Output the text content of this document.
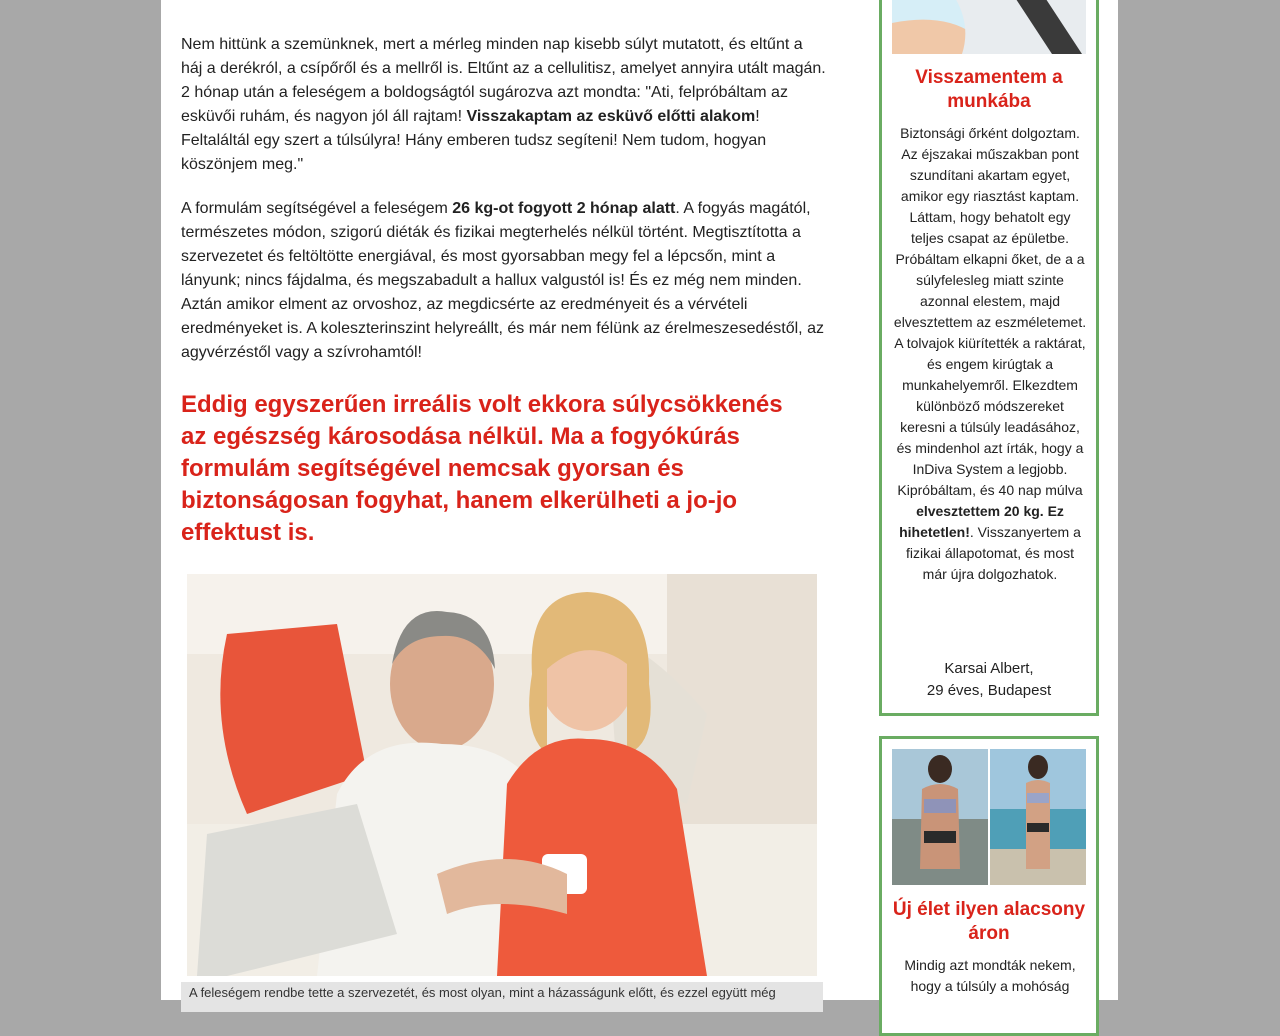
Nem hittünk a szemünknek, mert a mérleg minden nap kisebb súlyt mutatott, és eltűnt a háj a derékról, a csípőről és a mellről is. Eltűnt az a cellulitisz, amelyet annyira utált magán. 2 hónap után a feleségem a boldogságtól sugározva azt mondta: "Ati, felpróbáltam az esküvői ruhám, és nagyon jól áll rajtam! Visszakaptam az esküvő előtti alakom! Feltaláltál egy szert a túlsúlyra! Hány emberen tudsz segíteni! Nem tudom, hogyan köszönjem meg."

A formulám segítségével a feleségem 26 kg-ot fogyott 2 hónap alatt. A fogyás magától, természetes módon, szigorú diéták és fizikai megterhelés nélkül történt. Megtisztította a szervezetet és feltöltötte energiával, és most gyorsabban megy fel a lépcsőn, mint a lányunk; nincs fájdalma, és megszabadult a hallux valgustól is! És ez még nem minden. Aztán amikor elment az orvoshoz, az megdicsérte az eredményeit és a vérvételi eredményeket is. A koleszterinszint helyreállt, és már nem félünk az érelmeszesedéstől, az agyvérzéstől vagy a szívrohamtól!

Eddig egyszerűen irreális volt ekkora súlycsökkenés az egészség károsodása nélkül. Ma a fogyókúrás formulám segítségével nemcsak gyorsan és biztonságosan fogyhat, hanem elkerülheti a jo-jo effektust is.
A feleségem rendbe tette a szervezetét, és most olyan, mint a házasságunk előtt, és ezzel együtt még
Visszamentem a munkába

Biztonsági őrként dolgoztam. Az éjszakai műszakban pont szundítani akartam egyet, amikor egy riasztást kaptam. Láttam, hogy behatolt egy teljes csapat az épületbe. Próbáltam elkapni őket, de a a súlyfelesleg miatt szinte azonnal elestem, majd elvesztettem az eszméletemet. A tolvajok kiürítették a raktárat, és engem kirúgtak a munkahelyemről. Elkezdtem különböző módszereket keresni a túlsúly leadásához, és mindenhol azt írták, hogy a InDiva System a legjobb. Kipróbáltam, és 40 nap múlva elvesztettem 20 kg. Ez hihetetlen!. Visszanyertem a fizikai állapotomat, és most már újra dolgozhatok.

Karsai Albert,
29 éves, Budapest
Új élet ilyen alacsony áron

Mindig azt mondták nekem, hogy a túlsúly a mohóság
